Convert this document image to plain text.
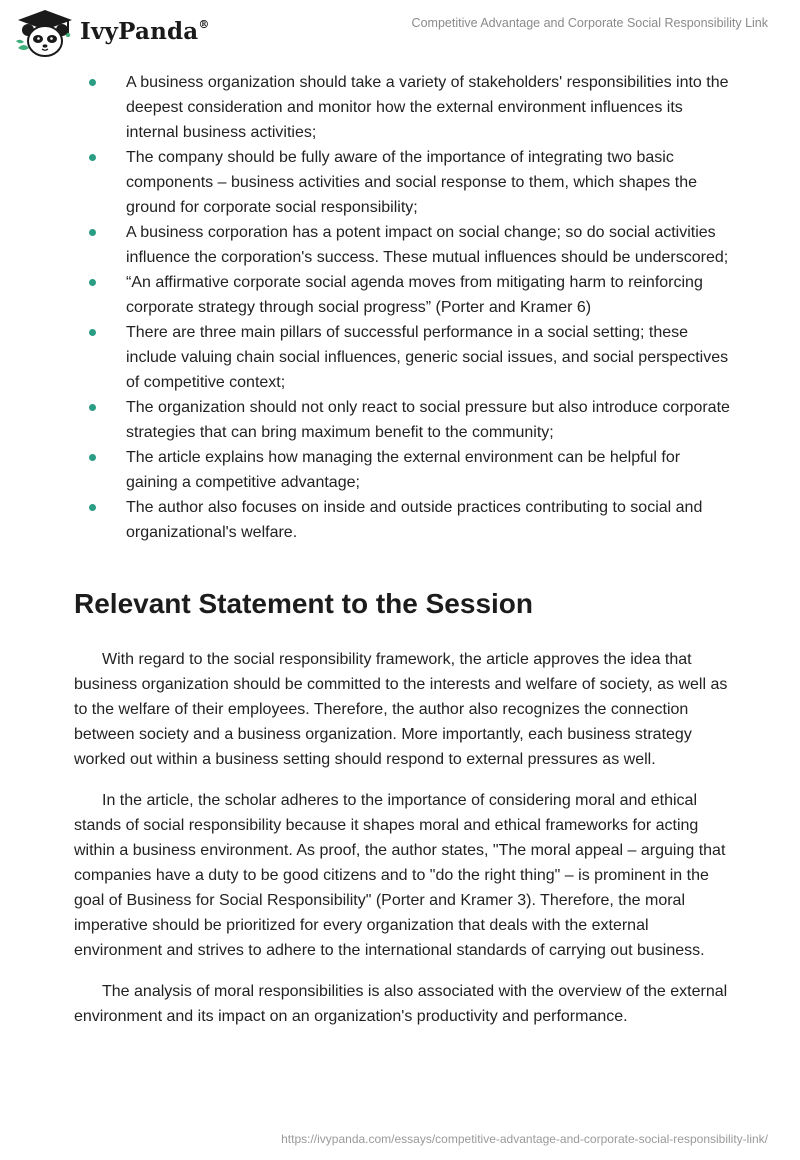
IvyPanda®	Competitive Advantage and Corporate Social Responsibility Link
A business organization should take a variety of stakeholders' responsibilities into the deepest consideration and monitor how the external environment influences its internal business activities;
The company should be fully aware of the importance of integrating two basic components – business activities and social response to them, which shapes the ground for corporate social responsibility;
A business corporation has a potent impact on social change; so do social activities influence the corporation's success. These mutual influences should be underscored;
“An affirmative corporate social agenda moves from mitigating harm to reinforcing corporate strategy through social progress” (Porter and Kramer 6)
There are three main pillars of successful performance in a social setting; these include valuing chain social influences, generic social issues, and social perspectives of competitive context;
The organization should not only react to social pressure but also introduce corporate strategies that can bring maximum benefit to the community;
The article explains how managing the external environment can be helpful for gaining a competitive advantage;
The author also focuses on inside and outside practices contributing to social and organizational's welfare.
Relevant Statement to the Session

With regard to the social responsibility framework, the article approves the idea that business organization should be committed to the interests and welfare of society, as well as to the welfare of their employees. Therefore, the author also recognizes the connection between society and a business organization. More importantly, each business strategy worked out within a business setting should respond to external pressures as well.

In the article, the scholar adheres to the importance of considering moral and ethical stands of social responsibility because it shapes moral and ethical frameworks for acting within a business environment. As proof, the author states, "The moral appeal – arguing that companies have a duty to be good citizens and to "do the right thing" – is prominent in the goal of Business for Social Responsibility" (Porter and Kramer 3). Therefore, the moral imperative should be prioritized for every organization that deals with the external environment and strives to adhere to the international standards of carrying out business.

The analysis of moral responsibilities is also associated with the overview of the external environment and its impact on an organization's productivity and performance.

https://ivypanda.com/essays/competitive-advantage-and-corporate-social-responsibility-link/
